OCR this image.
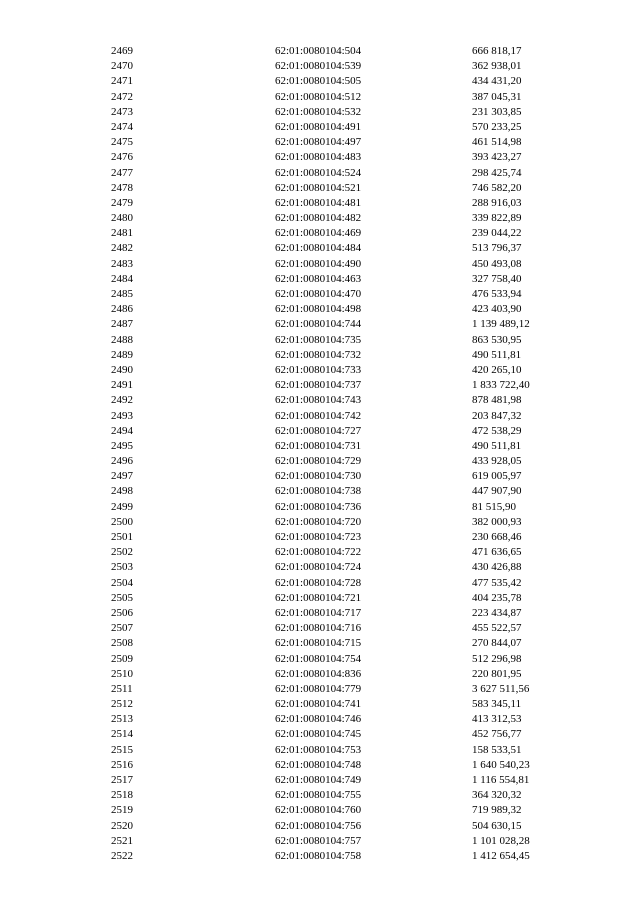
2469	62:01:0080104:504	666 818,17
2470	62:01:0080104:539	362 938,01
2471	62:01:0080104:505	434 431,20
2472	62:01:0080104:512	387 045,31
2473	62:01:0080104:532	231 303,85
2474	62:01:0080104:491	570 233,25
2475	62:01:0080104:497	461 514,98
2476	62:01:0080104:483	393 423,27
2477	62:01:0080104:524	298 425,74
2478	62:01:0080104:521	746 582,20
2479	62:01:0080104:481	288 916,03
2480	62:01:0080104:482	339 822,89
2481	62:01:0080104:469	239 044,22
2482	62:01:0080104:484	513 796,37
2483	62:01:0080104:490	450 493,08
2484	62:01:0080104:463	327 758,40
2485	62:01:0080104:470	476 533,94
2486	62:01:0080104:498	423 403,90
2487	62:01:0080104:744	1 139 489,12
2488	62:01:0080104:735	863 530,95
2489	62:01:0080104:732	490 511,81
2490	62:01:0080104:733	420 265,10
2491	62:01:0080104:737	1 833 722,40
2492	62:01:0080104:743	878 481,98
2493	62:01:0080104:742	203 847,32
2494	62:01:0080104:727	472 538,29
2495	62:01:0080104:731	490 511,81
2496	62:01:0080104:729	433 928,05
2497	62:01:0080104:730	619 005,97
2498	62:01:0080104:738	447 907,90
2499	62:01:0080104:736	81 515,90
2500	62:01:0080104:720	382 000,93
2501	62:01:0080104:723	230 668,46
2502	62:01:0080104:722	471 636,65
2503	62:01:0080104:724	430 426,88
2504	62:01:0080104:728	477 535,42
2505	62:01:0080104:721	404 235,78
2506	62:01:0080104:717	223 434,87
2507	62:01:0080104:716	455 522,57
2508	62:01:0080104:715	270 844,07
2509	62:01:0080104:754	512 296,98
2510	62:01:0080104:836	220 801,95
2511	62:01:0080104:779	3 627 511,56
2512	62:01:0080104:741	583 345,11
2513	62:01:0080104:746	413 312,53
2514	62:01:0080104:745	452 756,77
2515	62:01:0080104:753	158 533,51
2516	62:01:0080104:748	1 640 540,23
2517	62:01:0080104:749	1 116 554,81
2518	62:01:0080104:755	364 320,32
2519	62:01:0080104:760	719 989,32
2520	62:01:0080104:756	504 630,15
2521	62:01:0080104:757	1 101 028,28
2522	62:01:0080104:758	1 412 654,45
